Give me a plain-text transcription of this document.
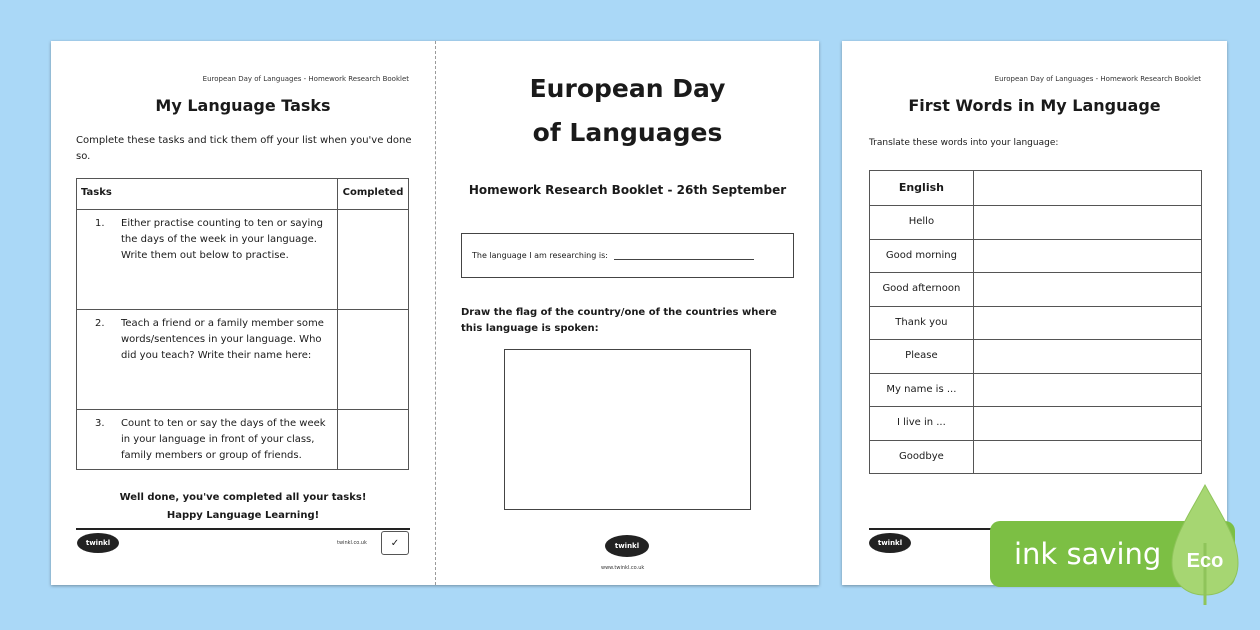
European Day of Languages - Homework Research Booklet
My Language Tasks
Complete these tasks and tick them off your list when you've done so.
Tasks	Completed

1. Either practise counting to ten or saying the days of the week in your language. Write them out below to practise.	

2. Teach a friend or a family member some words/sentences in your language. Who did you teach? Write their name here:	

3. Count to ten or say the days of the week in your language in front of your class, family members or group of friends.	

Well done, you've completed all your tasks!
Happy Language Learning!
twinkl	twinkl.co.uk	✓
European Day
of Languages
Homework Research Booklet - 26th September
The language I am researching is:
Draw the flag of the country/one of the countries where this language is spoken:
twinkl
www.twinkl.co.uk
European Day of Languages - Homework Research Booklet
First Words in My Language
Translate these words into your language:
English	
Hello	
Good morning	
Good afternoon	
Thank you	
Please	
My name is ...	
I live in ...	
Goodbye	
twinkl	ink saving Eco
